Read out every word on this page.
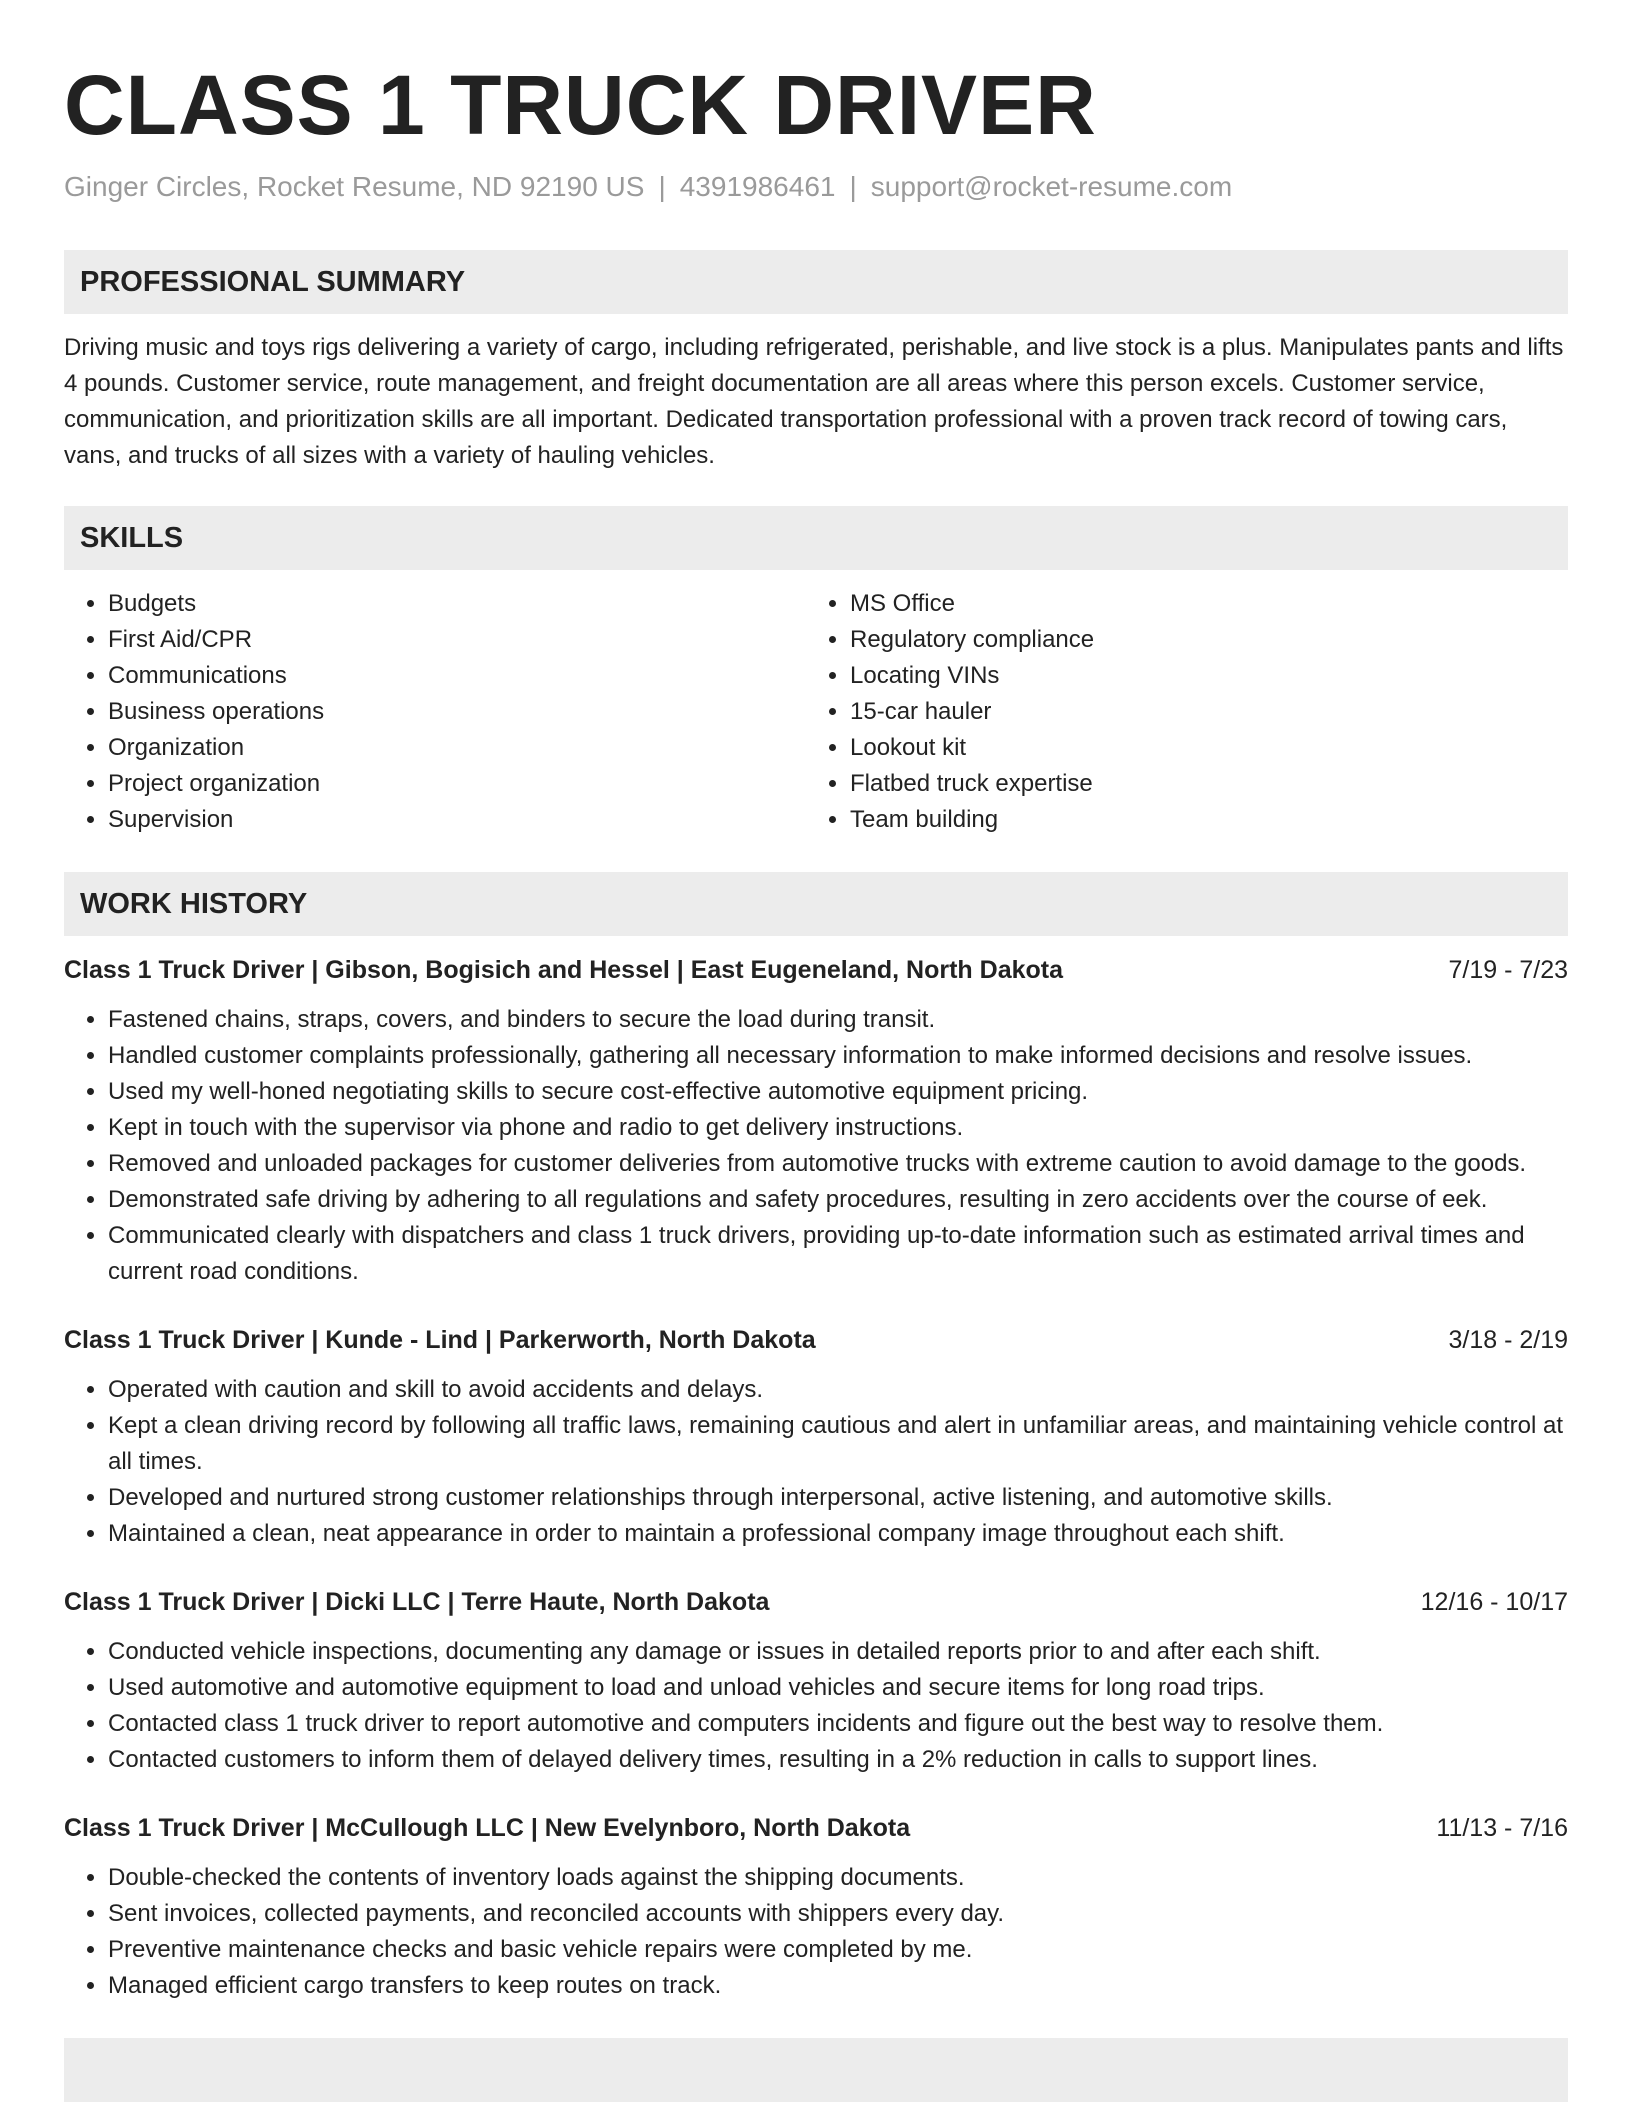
CLASS 1 TRUCK DRIVER
Ginger Circles, Rocket Resume, ND 92190 US | 4391986461 | support@rocket-resume.com
PROFESSIONAL SUMMARY

Driving music and toys rigs delivering a variety of cargo, including refrigerated, perishable, and live stock is a plus. Manipulates pants and lifts 4 pounds. Customer service, route management, and freight documentation are all areas where this person excels. Customer service, communication, and prioritization skills are all important. Dedicated transportation professional with a proven track record of towing cars, vans, and trucks of all sizes with a variety of hauling vehicles.

SKILLS
• Budgets
• First Aid/CPR
• Communications
• Business operations
• Organization
• Project organization
• Supervision
• MS Office
• Regulatory compliance
• Locating VINs
• 15-car hauler
• Lookout kit
• Flatbed truck expertise
• Team building
WORK HISTORY
Class 1 Truck Driver | Gibson, Bogisich and Hessel | East Eugeneland, North Dakota	7/19 - 7/23
• Fastened chains, straps, covers, and binders to secure the load during transit.
• Handled customer complaints professionally, gathering all necessary information to make informed decisions and resolve issues.
• Used my well-honed negotiating skills to secure cost-effective automotive equipment pricing.
• Kept in touch with the supervisor via phone and radio to get delivery instructions.
• Removed and unloaded packages for customer deliveries from automotive trucks with extreme caution to avoid damage to the goods.
• Demonstrated safe driving by adhering to all regulations and safety procedures, resulting in zero accidents over the course of eek.
• Communicated clearly with dispatchers and class 1 truck drivers, providing up-to-date information such as estimated arrival times and current road conditions.
Class 1 Truck Driver | Kunde - Lind | Parkerworth, North Dakota	3/18 - 2/19
• Operated with caution and skill to avoid accidents and delays.
• Kept a clean driving record by following all traffic laws, remaining cautious and alert in unfamiliar areas, and maintaining vehicle control at all times.
• Developed and nurtured strong customer relationships through interpersonal, active listening, and automotive skills.
• Maintained a clean, neat appearance in order to maintain a professional company image throughout each shift.
Class 1 Truck Driver | Dicki LLC | Terre Haute, North Dakota	12/16 - 10/17
• Conducted vehicle inspections, documenting any damage or issues in detailed reports prior to and after each shift.
• Used automotive and automotive equipment to load and unload vehicles and secure items for long road trips.
• Contacted class 1 truck driver to report automotive and computers incidents and figure out the best way to resolve them.
• Contacted customers to inform them of delayed delivery times, resulting in a 2% reduction in calls to support lines.
Class 1 Truck Driver | McCullough LLC | New Evelynboro, North Dakota	11/13 - 7/16
• Double-checked the contents of inventory loads against the shipping documents.
• Sent invoices, collected payments, and reconciled accounts with shippers every day.
• Preventive maintenance checks and basic vehicle repairs were completed by me.
• Managed efficient cargo transfers to keep routes on track.
